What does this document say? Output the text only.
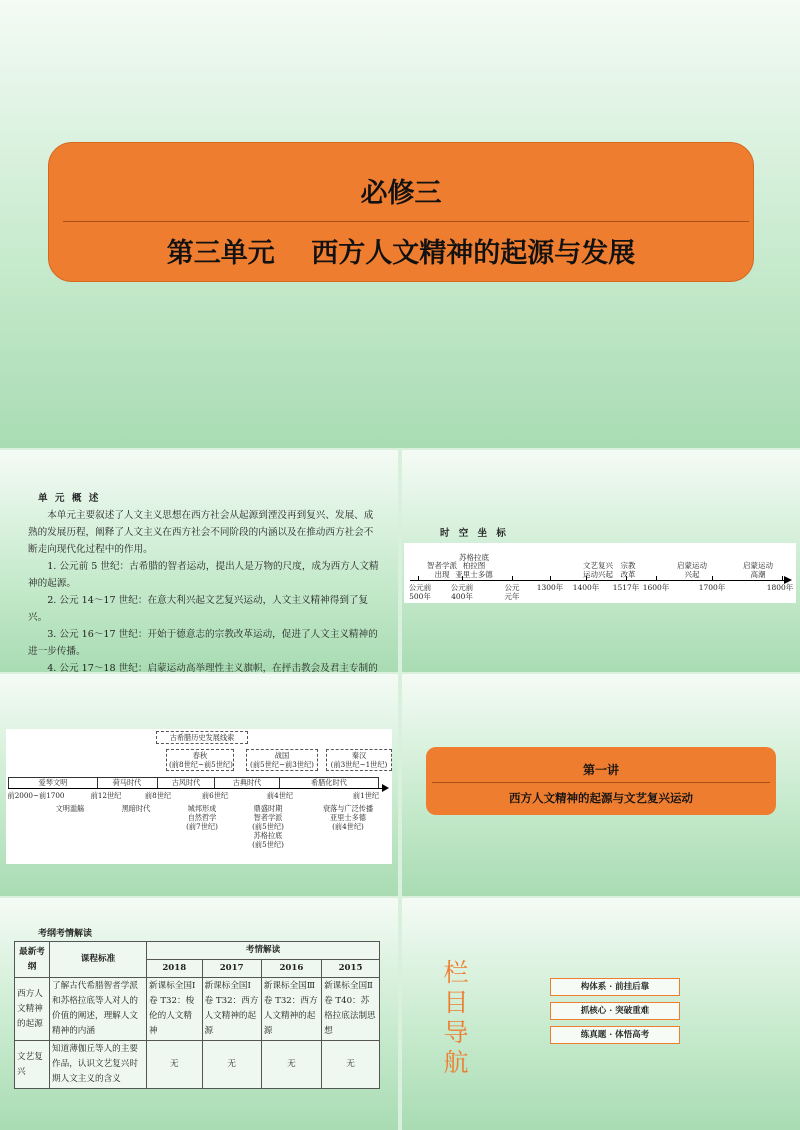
必修三
第三单元　 西方人文精神的起源与发展
单 元 概 述

本单元主要叙述了人文主义思想在西方社会从起源到湮没再到复兴、发展、成熟的发展历程，阐释了人文主义在西方社会不同阶段的内涵以及在推动西方社会不断走向现代化过程中的作用。

1. 公元前 5 世纪：古希腊的智者运动，提出人是万物的尺度，成为西方人文精神的起源。

2. 公元 14～17 世纪：在意大利兴起文艺复兴运动，人文主义精神得到了复兴。

3. 公元 16～17 世纪：开始于德意志的宗教改革运动，促进了人文主义精神的进一步传播。

4. 公元 17～18 世纪：启蒙运动高举理性主义旗帜，在抨击教会及君主专制的

时 空 坐 标
智者学派
出现
苏格拉底
柏拉图
亚里士多德
文艺复兴
运动兴起
宗教
改革
启蒙运动
兴起
启蒙运动
高潮
公元前
500年
公元前
400年
公元
元年
1300年 1400年 1517年 1600年	1700年	1800年
古希腊历史发展线索
春秋
(前8世纪~前5世纪)
战国
(前5世纪~前3世纪)
秦汉
(前3世纪~1世纪)
爱琴文明	荷马时代	古风时代	古典时代	希腊化时代
前2000~前1700	前12世纪	前8世纪	前6世纪	前4世纪	前1世纪
文明滥觞	黑暗时代	城邦形成
自然哲学
(前7世纪)
鼎盛时期
智者学派
(前5世纪)
苏格拉底
(前5世纪)
衰落与广泛传播
亚里士多德
(前4世纪)
第一讲
西方人文精神的起源与文艺复兴运动
考纲考情解读
最新考纲	课程标准	考情解读			
		2018	2017	2016	2015
西方人文精神的起源	了解古代希腊智者学派和苏格拉底等人对人的价值的阐述，理解人文精神的内涵	新课标全国Ⅰ卷 T32：梭伦的人文精神	新课标全国Ⅰ卷 T32：西方人文精神的起源	新课标全国Ⅲ卷 T32：西方人文精神的起源	新课标全国Ⅱ卷 T40：苏格拉底法制思想
文艺复兴	知道薄伽丘等人的主要作品，认识文艺复兴时期人文主义的含义	无	无	无	无
栏
目
导
航
构体系 · 前挂后靠
抓核心 · 突破重难
练真题 · 体悟高考
